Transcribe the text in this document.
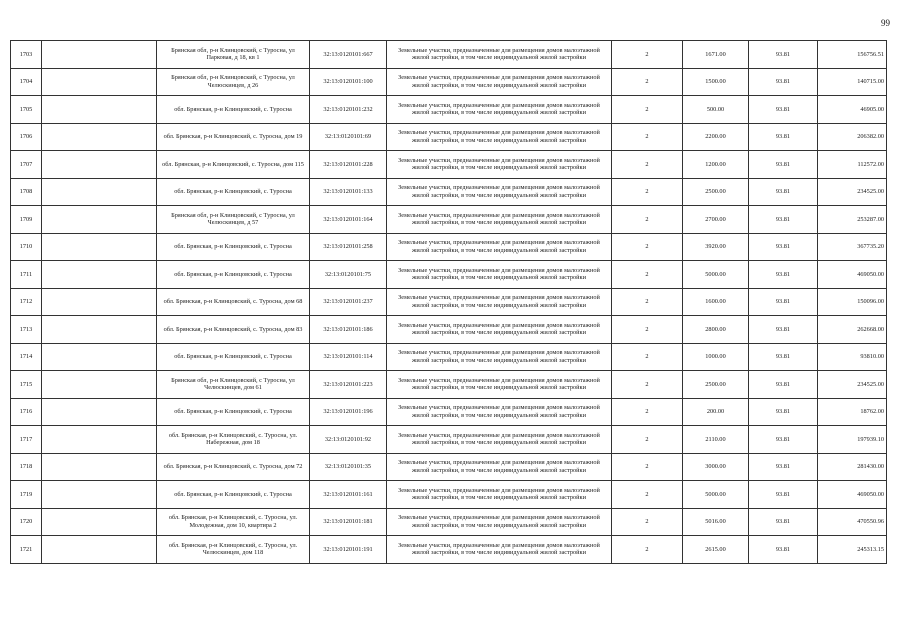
99
1703		Брянская обл, р-н Клинцовский, с Туросна, ул Парковая, д 18, кв 1	32:13:0120101:667	Земельные участки, предназначенные для размещения домов малоэтажной жилой застройки, в том числе индивидуальной жилой застройки	2	1671.00	93.81	156756.51
1704		Брянская обл, р-н Клинцовский, с Туросна, ул Челюскинцев, д 26	32:13:0120101:100	Земельные участки, предназначенные для размещения домов малоэтажной жилой застройки, в том числе индивидуальной жилой застройки	2	1500.00	93.81	140715.00
1705		обл. Брянская, р-н Клинцовский, с. Туросна	32:13:0120101:232	Земельные участки, предназначенные для размещения домов малоэтажной жилой застройки, в том числе индивидуальной жилой застройки	2	500.00	93.81	46905.00
1706		обл. Брянская, р-н Клинцовский, с. Туросна, дом 19	32:13:0120101:69	Земельные участки, предназначенные для размещения домов малоэтажной жилой застройки, в том числе индивидуальной жилой застройки	2	2200.00	93.81	206382.00
1707		обл. Брянская, р-н Клинцовский, с. Туросна, дом 115	32:13:0120101:228	Земельные участки, предназначенные для размещения домов малоэтажной жилой застройки, в том числе индивидуальной жилой застройки	2	1200.00	93.81	112572.00
1708		обл. Брянская, р-н Клинцовский, с. Туросна	32:13:0120101:133	Земельные участки, предназначенные для размещения домов малоэтажной жилой застройки, в том числе индивидуальной жилой застройки	2	2500.00	93.81	234525.00
1709		Брянская обл, р-н Клинцовский, с Туросна, ул Челюскинцев, д 57	32:13:0120101:164	Земельные участки, предназначенные для размещения домов малоэтажной жилой застройки, в том числе индивидуальной жилой застройки	2	2700.00	93.81	253287.00
1710		обл. Брянская, р-н Клинцовский, с. Туросна	32:13:0120101:258	Земельные участки, предназначенные для размещения домов малоэтажной жилой застройки, в том числе индивидуальной жилой застройки	2	3920.00	93.81	367735.20
1711		обл. Брянская, р-н Клинцовский, с. Туросна	32:13:0120101:75	Земельные участки, предназначенные для размещения домов малоэтажной жилой застройки, в том числе индивидуальной жилой застройки	2	5000.00	93.81	469050.00
1712		обл. Брянская, р-н Клинцовский, с. Туросна, дом 68	32:13:0120101:237	Земельные участки, предназначенные для размещения домов малоэтажной жилой застройки, в том числе индивидуальной жилой застройки	2	1600.00	93.81	150096.00
1713		обл. Брянская, р-н Клинцовский, с. Туросна, дом 83	32:13:0120101:186	Земельные участки, предназначенные для размещения домов малоэтажной жилой застройки, в том числе индивидуальной жилой застройки	2	2800.00	93.81	262668.00
1714		обл. Брянская, р-н Клинцовский, с. Туросна	32:13:0120101:114	Земельные участки, предназначенные для размещения домов малоэтажной жилой застройки, в том числе индивидуальной жилой застройки	2	1000.00	93.81	93810.00
1715		Брянская обл, р-н Клинцовский, с Туросна, ул Челюскинцев, дом 61	32:13:0120101:223	Земельные участки, предназначенные для размещения домов малоэтажной жилой застройки, в том числе индивидуальной жилой застройки	2	2500.00	93.81	234525.00
1716		обл. Брянская, р-н Клинцовский, с. Туросна	32:13:0120101:196	Земельные участки, предназначенные для размещения домов малоэтажной жилой застройки, в том числе индивидуальной жилой застройки	2	200.00	93.81	18762.00
1717		обл. Брянская, р-н Клинцовский, с. Туросна, ул. Набережная, дом 18	32:13:0120101:92	Земельные участки, предназначенные для размещения домов малоэтажной жилой застройки, в том числе индивидуальной жилой застройки	2	2110.00	93.81	197939.10
1718		обл. Брянская, р-н Клинцовский, с. Туросна, дом 72	32:13:0120101:35	Земельные участки, предназначенные для размещения домов малоэтажной жилой застройки, в том числе индивидуальной жилой застройки	2	3000.00	93.81	281430.00
1719		обл. Брянская, р-н Клинцовский, с. Туросна	32:13:0120101:161	Земельные участки, предназначенные для размещения домов малоэтажной жилой застройки, в том числе индивидуальной жилой застройки	2	5000.00	93.81	469050.00
1720		обл. Брянская, р-н Клинцовский, с. Туросна, ул. Молодежная, дом 10, квартира 2	32:13:0120101:181	Земельные участки, предназначенные для размещения домов малоэтажной жилой застройки, в том числе индивидуальной жилой застройки	2	5016.00	93.81	470550.96
1721		обл. Брянская, р-н Клинцовский, с. Туросна, ул. Челюскинцев, дом 118	32:13:0120101:191	Земельные участки, предназначенные для размещения домов малоэтажной жилой застройки, в том числе индивидуальной жилой застройки	2	2615.00	93.81	245313.15
